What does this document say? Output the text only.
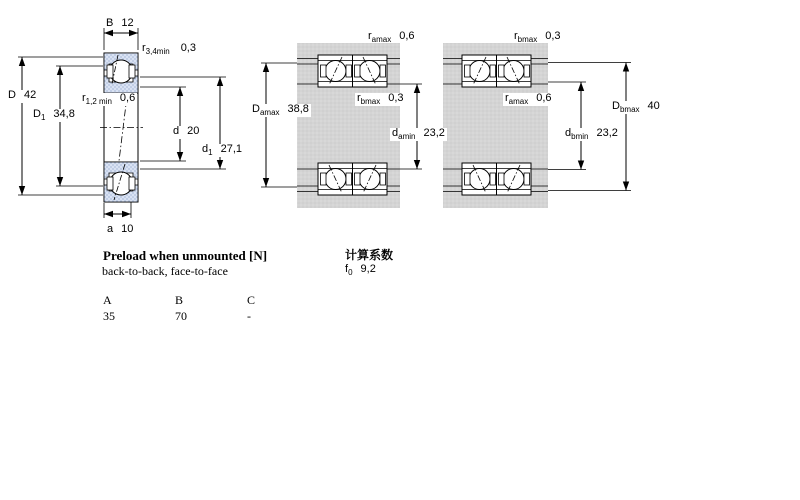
B 12
$r_{3,4min}$ 0,3
D 42
$D_1$ 34,8
$r_{1,2 min}$ 0,6
d 20
$d_1$ 27,1
a 10
$r_{amax}$ 0,6
$r_{bmax}$ 0,3
$D_{amax}$ 38,8
$d_{amin}$ 23,2
$r_{bmax}$ 0,3
$r_{amax}$ 0,6
$D_{bmax}$ 40
$d_{bmin}$ 23,2
Preload when unmounted [N]
back-to-back, face-to-face
A	B	C
35	70	-
计算系数
$f_0$ 9,2
